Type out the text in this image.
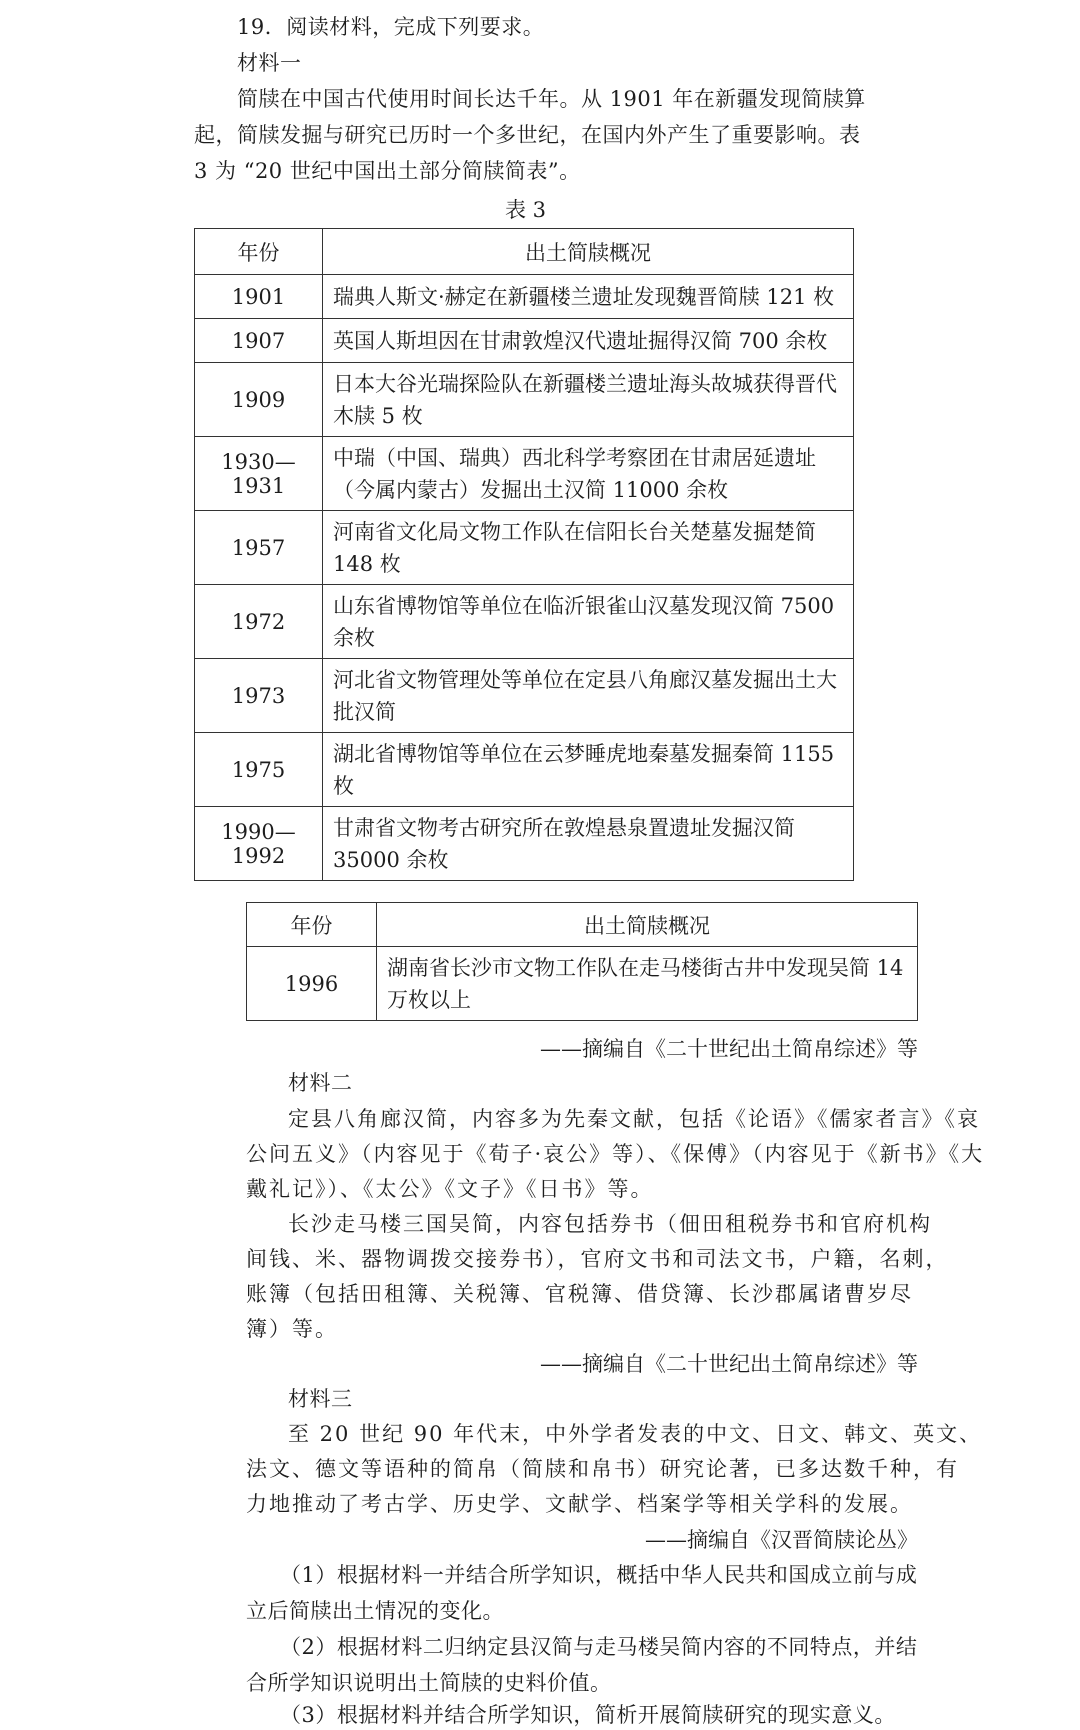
19．阅读材料，完成下列要求。
材料一
简牍在中国古代使用时间长达千年。从 1901 年在新疆发现简牍算
起，简牍发掘与研究已历时一个多世纪，在国内外产生了重要影响。表
3 为 “20 世纪中国出土部分简牍简表”。
表 3
年份	出土简牍概况
1901	瑞典人斯文·赫定在新疆楼兰遗址发现魏晋简牍 121 枚
1907	英国人斯坦因在甘肃敦煌汉代遗址掘得汉简 700 余枚
1909	日本大谷光瑞探险队在新疆楼兰遗址海头故城获得晋代木牍 5 枚
1930—1931	中瑞（中国、瑞典）西北科学考察团在甘肃居延遗址（今属内蒙古）发掘出土汉简 11000 余枚
1957	河南省文化局文物工作队在信阳长台关楚墓发掘楚简 148 枚
1972	山东省博物馆等单位在临沂银雀山汉墓发现汉简 7500 余枚
1973	河北省文物管理处等单位在定县八角廊汉墓发掘出土大批汉简
1975	湖北省博物馆等单位在云梦睡虎地秦墓发掘秦简 1155 枚
1990—1992	甘肃省文物考古研究所在敦煌悬泉置遗址发掘汉简 35000 余枚
年份	出土简牍概况
1996	湖南省长沙市文物工作队在走马楼街古井中发现吴简 14 万枚以上
——摘编自《二十世纪出土简帛综述》等
材料二
定县八角廊汉简，内容多为先秦文献，包括《论语》《儒家者言》《哀
公问五义》（内容见于《荀子·哀公》等）、《保傅》（内容见于《新书》《大
戴礼记》）、《太公》《文子》《日书》等。
长沙走马楼三国吴简，内容包括券书（佃田租税券书和官府机构
间钱、米、器物调拨交接券书），官府文书和司法文书，户籍，名刺，
账簿（包括田租簿、关税簿、官税簿、借贷簿、长沙郡属诸曹岁尽
簿）等。
——摘编自《二十世纪出土简帛综述》等
材料三
至 20 世纪 90 年代末，中外学者发表的中文、日文、韩文、英文、
法文、德文等语种的简帛（简牍和帛书）研究论著，已多达数千种，有
力地推动了考古学、历史学、文献学、档案学等相关学科的发展。
——摘编自《汉晋简牍论丛》
（1）根据材料一并结合所学知识，概括中华人民共和国成立前与成
立后简牍出土情况的变化。
（2）根据材料二归纳定县汉简与走马楼吴简内容的不同特点，并结
合所学知识说明出土简牍的史料价值。
（3）根据材料并结合所学知识，简析开展简牍研究的现实意义。
